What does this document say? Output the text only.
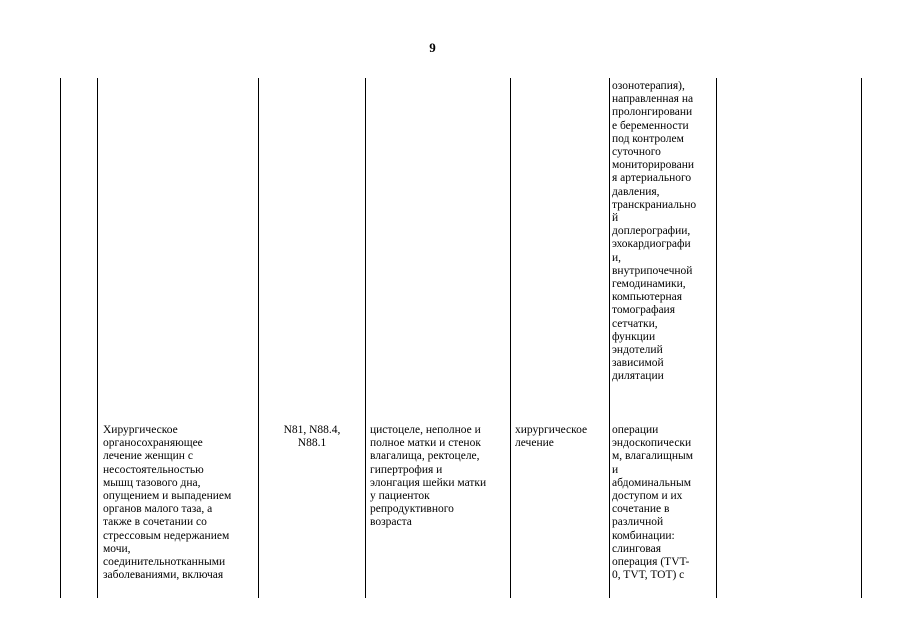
9
Хирургическое
органосохраняющее
лечение женщин с
несостоятельностью
мышц тазового дна,
опущением и выпадением
органов малого таза, а
также в сочетании со
стрессовым недержанием
мочи,
соединительнотканными
заболеваниями, включая
N81, N88.4,
N88.1
цистоцеле, неполное и
полное матки и стенок
влагалища, ректоцеле,
гипертрофия и
элонгация шейки матки
у пациенток
репродуктивного
возраста
хирургическое
лечение
озонотерапия),
направленная на
пролонгировани
е беременности
под контролем
суточного
мониторировани
я артериального
давления,
транскраниально
й
доплерографии,
эхокардиографи
и,
внутрипочечной
гемодинамики,
компьютерная
томографаия
сетчатки,
функции
эндотелий
зависимой
дилятации
операции
эндоскопически
м, влагалищным
и
абдоминальным
доступом и их
сочетание в
различной
комбинации:
слинговая
операция (TVT-
0, TVT, TOT) с
